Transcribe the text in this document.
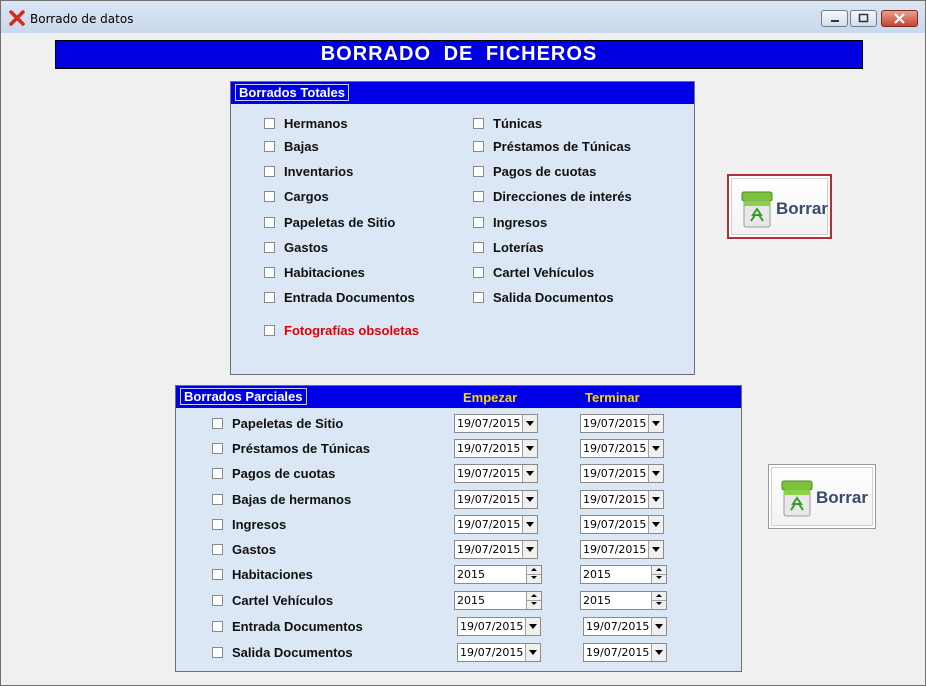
Borrado de datos
BORRADO DE FICHEROS
Borrados Totales
Hermanos
Bajas
Inventarios
Cargos
Papeletas de Sitio
Gastos
Habitaciones
Entrada Documentos
Túnicas
Préstamos de Túnicas
Pagos de cuotas
Direcciones de interés
Ingresos
Loterías
Cartel Vehículos
Salida Documentos
Fotografías obsoletas
Borrar
Borrados Parciales	Empezar	Terminar
Papeletas de Sitio	19/07/2015	19/07/2015
Préstamos de Túnicas	19/07/2015	19/07/2015
Pagos de cuotas	19/07/2015	19/07/2015
Bajas de hermanos	19/07/2015	19/07/2015
Ingresos	19/07/2015	19/07/2015
Gastos	19/07/2015	19/07/2015
Habitaciones	2015	2015
Cartel Vehículos	2015	2015
Entrada Documentos	19/07/2015	19/07/2015
Salida Documentos	19/07/2015	19/07/2015
Borrar
